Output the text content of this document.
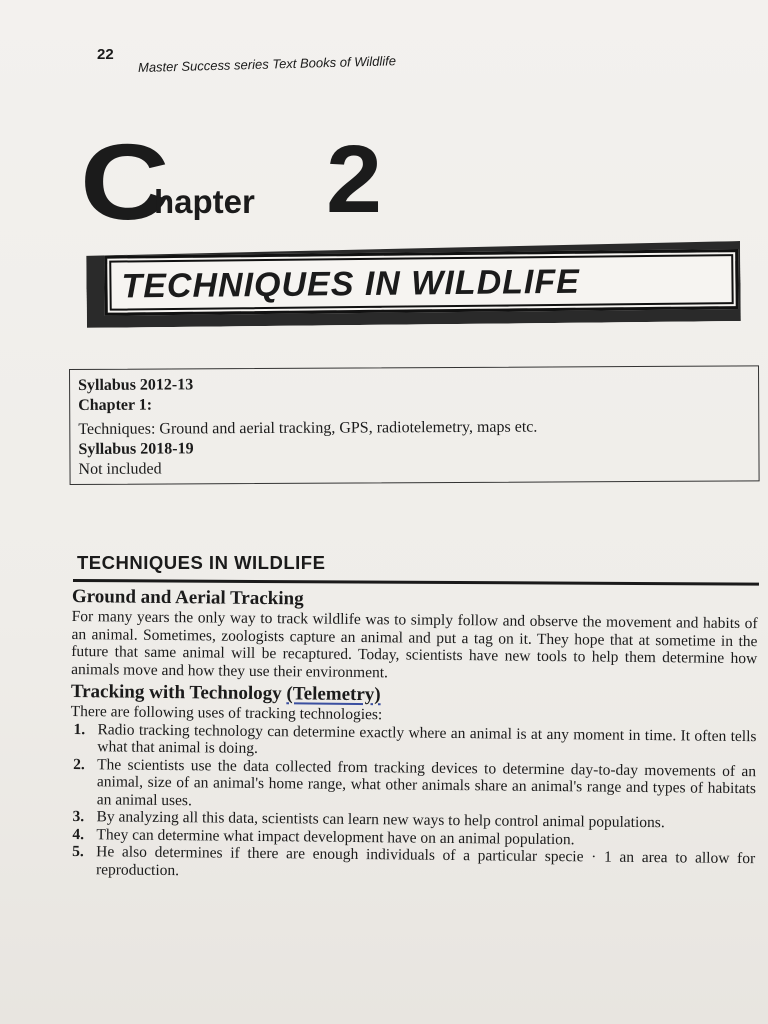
22 Master Success series Text Books of Wildlife
C
hapter 2
TECHNIQUES IN WILDLIFE
Syllabus 2012-13
Chapter 1:
Techniques: Ground and aerial tracking, GPS, radiotelemetry, maps etc.
Syllabus 2018-19
Not included
TECHNIQUES IN WILDLIFE
Ground and Aerial Tracking
For many years the only way to track wildlife was to simply follow and observe the movement and habits of an animal. Sometimes, zoologists capture an animal and put a tag on it. They hope that at sometime in the future that same animal will be recaptured. Today, scientists have new tools to help them determine how animals move and how they use their environment.
Tracking with Technology (Telemetry)
There are following uses of tracking technologies:
1. Radio tracking technology can determine exactly where an animal is at any moment in time. It often tells what that animal is doing.
2. The scientists use the data collected from tracking devices to determine day-to-day movements of an animal, size of an animal's home range, what other animals share an animal's range and types of habitats an animal uses.
3. By analyzing all this data, scientists can learn new ways to help control animal populations.
4. They can determine what impact development have on an animal population.
5. He also determines if there are enough individuals of a particular specie · 1 an area to allow for reproduction.
